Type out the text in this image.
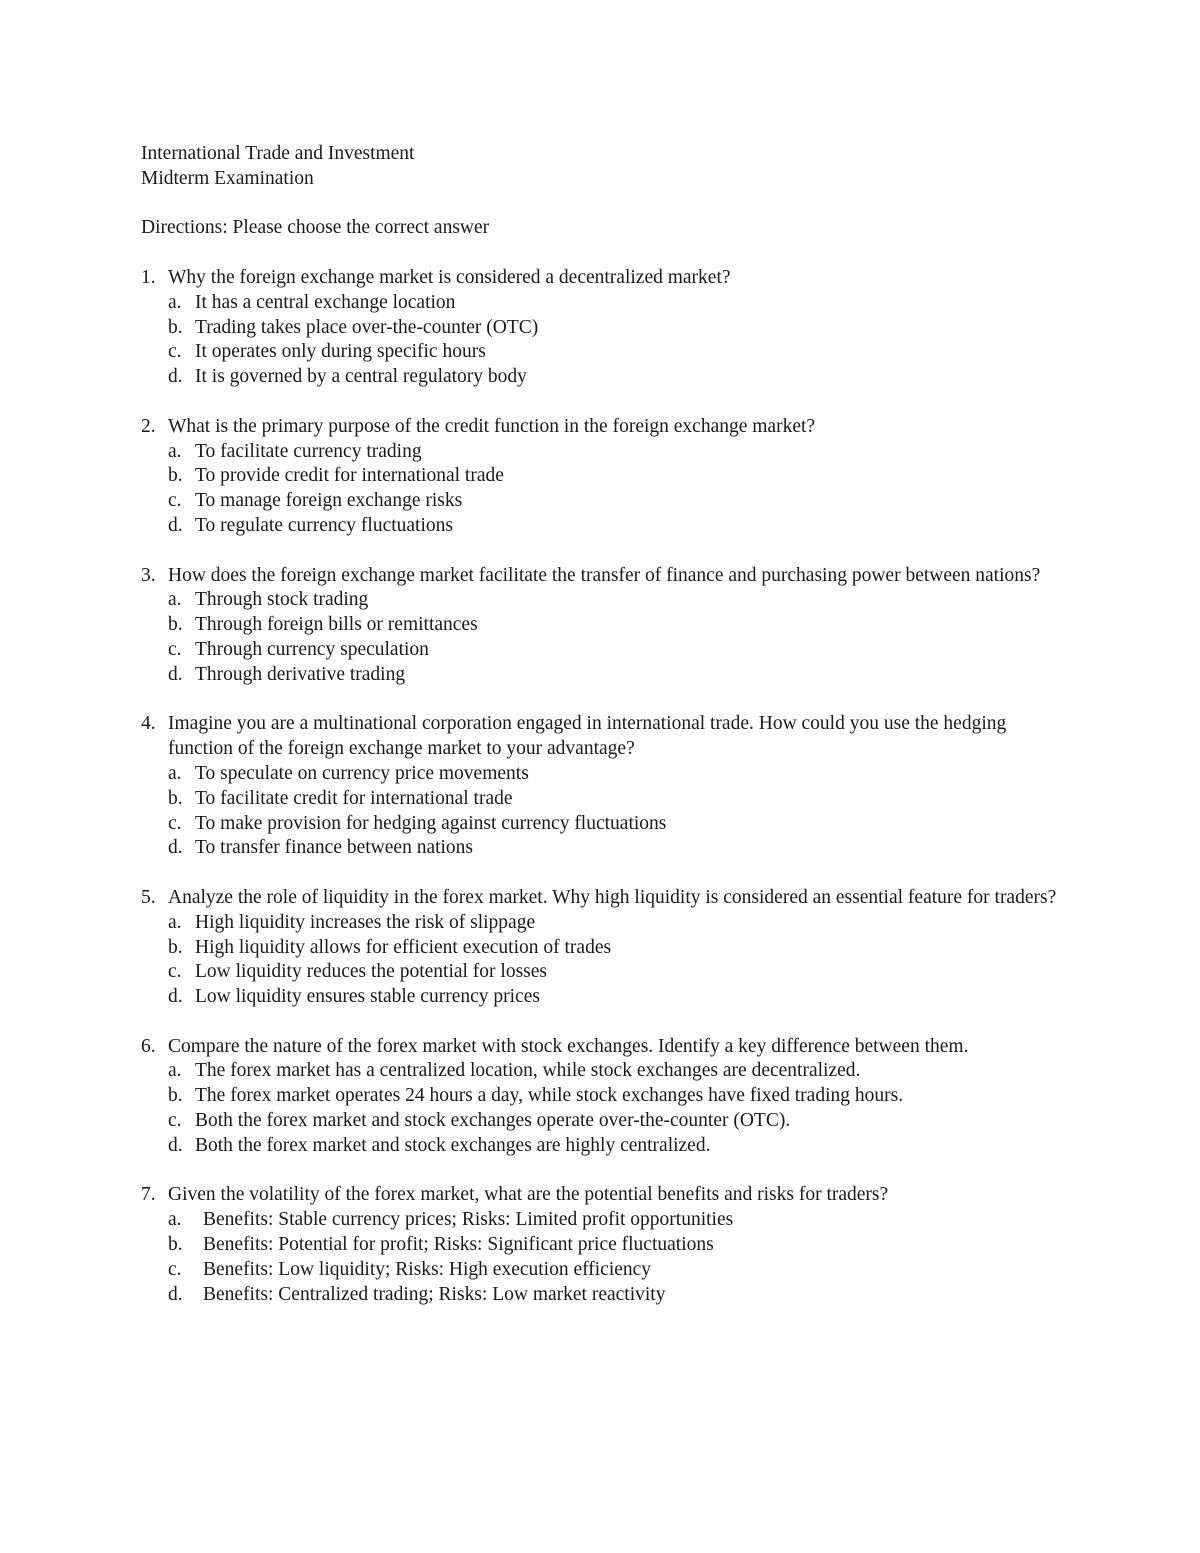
International Trade and Investment
Midterm Examination
Directions: Please choose the correct answer
1. Why the foreign exchange market is considered a decentralized market?
a. It has a central exchange location
b. Trading takes place over-the-counter (OTC)
c. It operates only during specific hours
d. It is governed by a central regulatory body
2. What is the primary purpose of the credit function in the foreign exchange market?
a. To facilitate currency trading
b. To provide credit for international trade
c. To manage foreign exchange risks
d. To regulate currency fluctuations
3. How does the foreign exchange market facilitate the transfer of finance and purchasing power between nations?
a. Through stock trading
b. Through foreign bills or remittances
c. Through currency speculation
d. Through derivative trading
4. Imagine you are a multinational corporation engaged in international trade. How could you use the hedging function of the foreign exchange market to your advantage?
a. To speculate on currency price movements
b. To facilitate credit for international trade
c. To make provision for hedging against currency fluctuations
d. To transfer finance between nations
5. Analyze the role of liquidity in the forex market. Why high liquidity is considered an essential feature for traders?
a. High liquidity increases the risk of slippage
b. High liquidity allows for efficient execution of trades
c. Low liquidity reduces the potential for losses
d. Low liquidity ensures stable currency prices
6. Compare the nature of the forex market with stock exchanges. Identify a key difference between them.
a. The forex market has a centralized location, while stock exchanges are decentralized.
b. The forex market operates 24 hours a day, while stock exchanges have fixed trading hours.
c. Both the forex market and stock exchanges operate over-the-counter (OTC).
d. Both the forex market and stock exchanges are highly centralized.
7. Given the volatility of the forex market, what are the potential benefits and risks for traders?
a. Benefits: Stable currency prices; Risks: Limited profit opportunities
b. Benefits: Potential for profit; Risks: Significant price fluctuations
c. Benefits: Low liquidity; Risks: High execution efficiency
d. Benefits: Centralized trading; Risks: Low market reactivity
